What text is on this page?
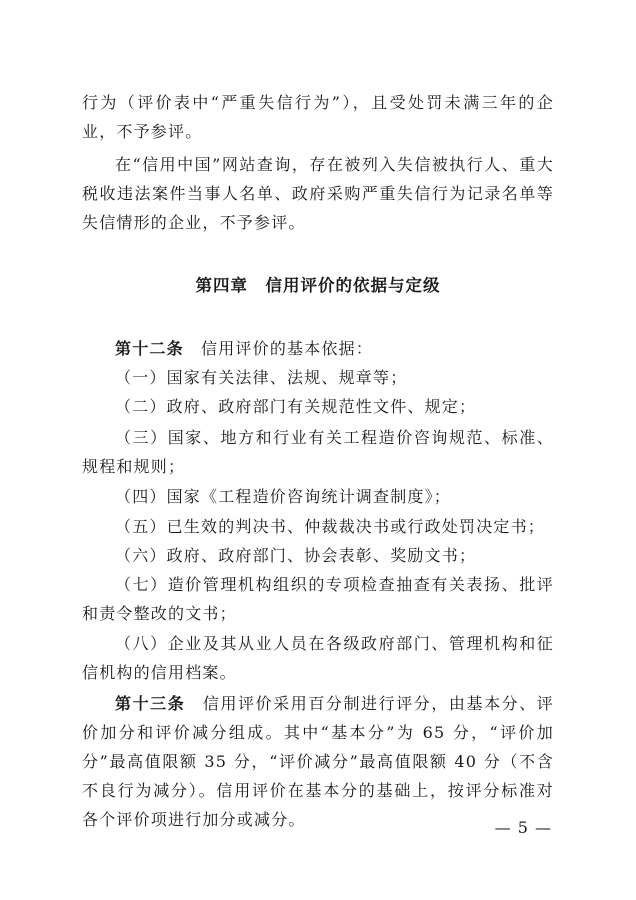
行为（评价表中“严重失信行为”），且受处罚未满三年的企业，不予参评。

在“信用中国”网站查询，存在被列入失信被执行人、重大税收违法案件当事人名单、政府采购严重失信行为记录名单等失信情形的企业，不予参评。

第四章　信用评价的依据与定级

第十二条　信用评价的基本依据：

（一）国家有关法律、法规、规章等；

（二）政府、政府部门有关规范性文件、规定；

（三）国家、地方和行业有关工程造价咨询规范、标准、规程和规则；

（四）国家《工程造价咨询统计调查制度》；

（五）已生效的判决书、仲裁裁决书或行政处罚决定书；

（六）政府、政府部门、协会表彰、奖励文书；

（七）造价管理机构组织的专项检查抽查有关表扬、批评和责令整改的文书；

（八）企业及其从业人员在各级政府部门、管理机构和征信机构的信用档案。

第十三条　信用评价采用百分制进行评分，由基本分、评价加分和评价减分组成。其中“基本分”为 65 分，“评价加分”最高值限额 35 分，“评价减分”最高值限额 40 分（不含不良行为减分）。信用评价在基本分的基础上，按评分标准对各个评价项进行加分或减分。	— 5 —
